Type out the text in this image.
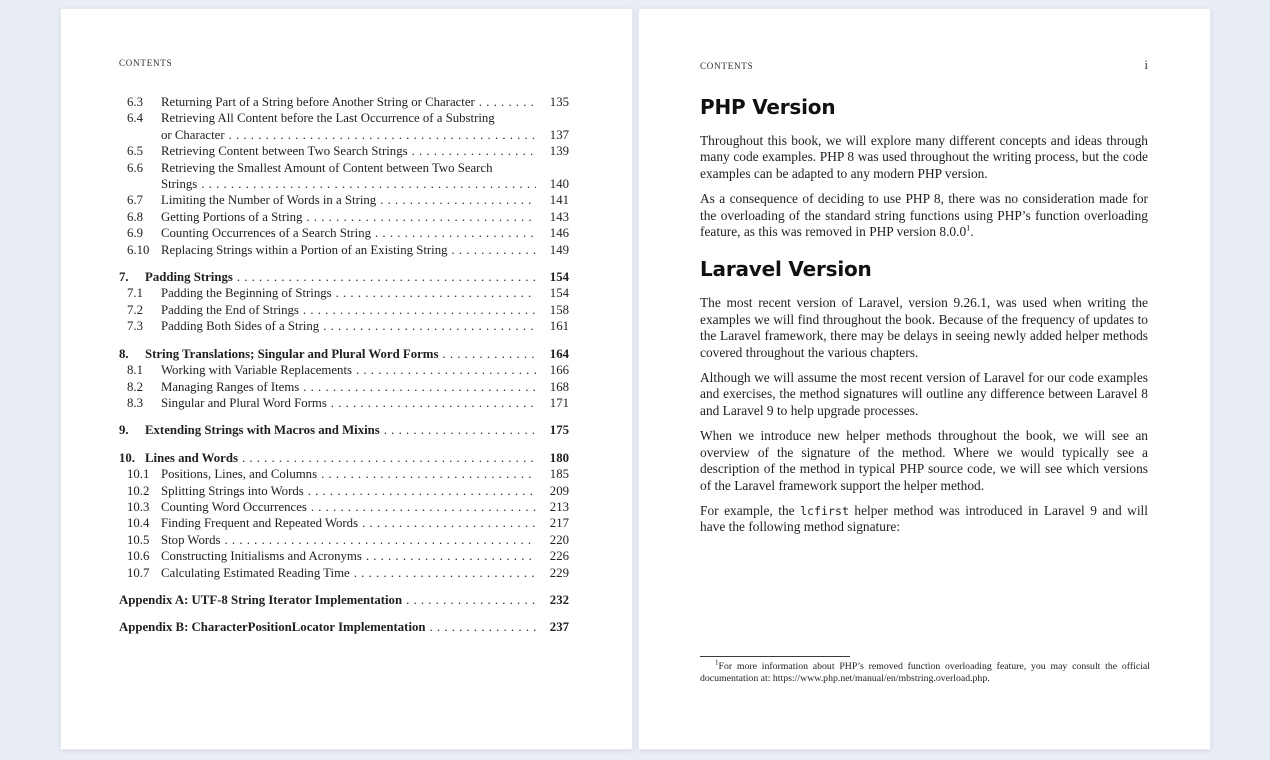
CONTENTS
6.3	Returning Part of a String before Another String or Character . . .	135
6.4	Retrieving All Content before the Last Occurrence of a Substring
or Character . . .	137
6.5	Retrieving Content between Two Search Strings . . .	139
6.6	Retrieving the Smallest Amount of Content between Two Search
Strings . . .	140
6.7	Limiting the Number of Words in a String . . .	141
6.8	Getting Portions of a String . . .	143
6.9	Counting Occurrences of a Search String . . .	146
6.10 Replacing Strings within a Portion of an Existing String . . .	149
7.	Padding Strings . . .	154
7.1	Padding the Beginning of Strings . . .	154
7.2	Padding the End of Strings . . .	158
7.3	Padding Both Sides of a String . . .	161
8.	String Translations; Singular and Plural Word Forms . . .	164
8.1	Working with Variable Replacements . . .	166
8.2	Managing Ranges of Items . . .	168
8.3	Singular and Plural Word Forms . . .	171
9.	Extending Strings with Macros and Mixins . . .	175
10. Lines and Words . . .	180
10.1 Positions, Lines, and Columns . . .	185
10.2 Splitting Strings into Words . . .	209
10.3 Counting Word Occurrences . . .	213
10.4 Finding Frequent and Repeated Words . . .	217
10.5 Stop Words . . .	220
10.6 Constructing Initialisms and Acronyms . . .	226
10.7 Calculating Estimated Reading Time . . .	229
Appendix A: UTF-8 String Iterator Implementation . . .	232
Appendix B: CharacterPositionLocator Implementation . . .	237
CONTENTS	i
PHP Version

Throughout this book, we will explore many different concepts and ideas through many code examples. PHP 8 was used throughout the writing process, but the code examples can be adapted to any modern PHP version.

As a consequence of deciding to use PHP 8, there was no consideration made for the overloading of the standard string functions using PHP’s function overloading feature, as this was removed in PHP version 8.0.0$^1$.

Laravel Version

The most recent version of Laravel, version 9.26.1, was used when writing the examples we will find throughout the book. Because of the frequency of updates to the Laravel framework, there may be delays in seeing newly added helper methods covered throughout the various chapters.

Although we will assume the most recent version of Laravel for our code examples and exercises, the method signatures will outline any difference between Laravel 8 and Laravel 9 to help upgrade processes.

When we introduce new helper methods throughout the book, we will see an overview of the signature of the method. Where we would typically see a description of the method in typical PHP source code, we will see which versions of the Laravel framework support the helper method.

For example, the lcfirst helper method was introduced in Laravel 9 and will have the following method signature:

$^1$For more information about PHP’s removed function overloading feature, you may consult the official documentation at: https://www.php.net/manual/en/mbstring.overload.php.
